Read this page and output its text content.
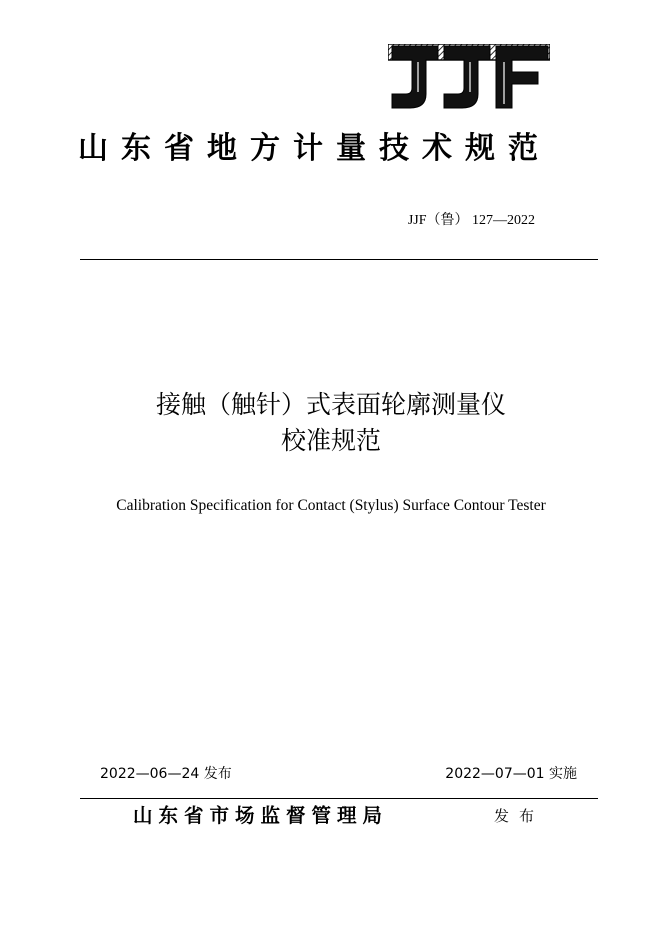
山东省地方计量技术规范
JJF（鲁） 127—2022
接触（触针）式表面轮廓测量仪
校准规范
Calibration Specification for Contact (Stylus) Surface Contour Tester
2022—06—24 发布	2022—07—01 实施
山东省市场监督管理局	发布
